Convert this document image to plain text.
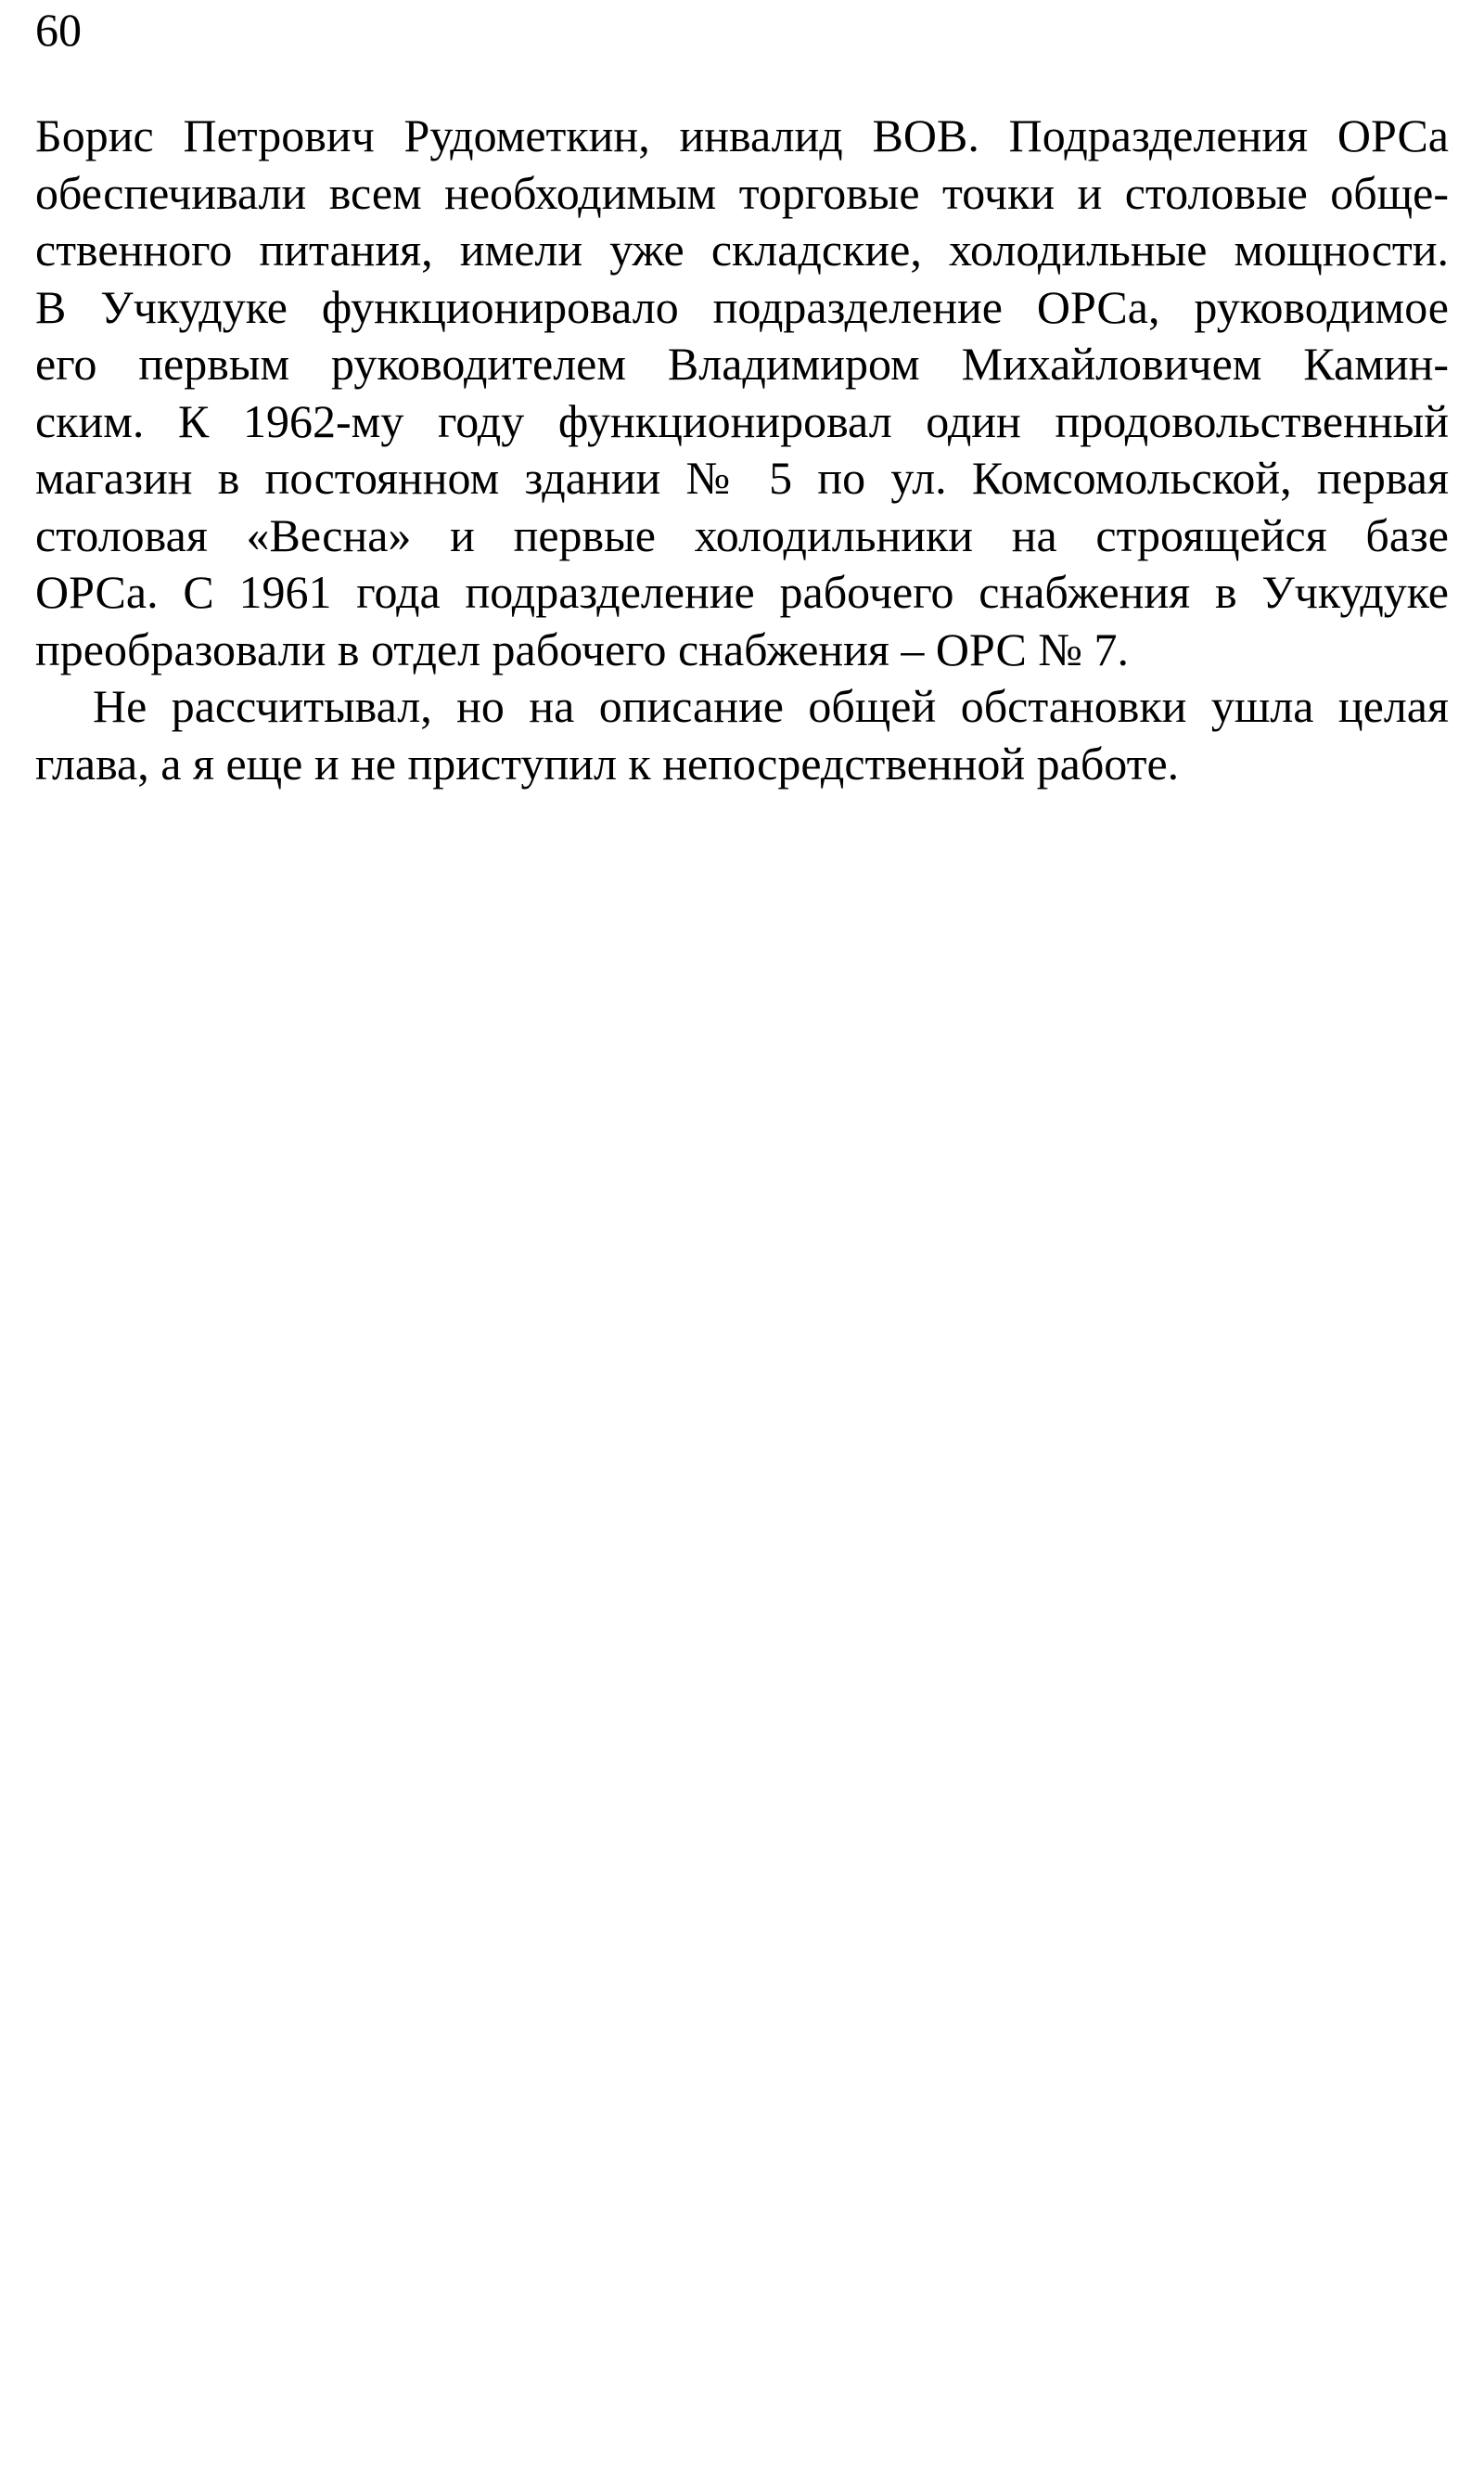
60

Борис Петрович Рудометкин, инвалид ВОВ. Подразделения ОРСа
обеспечивали всем необходимым торговые точки и столовые обще-
ственного питания, имели уже складские, холодильные мощности.
В Учкудуке функционировало подразделение ОРСа, руководимое
его первым руководителем Владимиром Михайловичем Камин-
ским. К 1962-му году функционировал один продовольственный
магазин в постоянном здании № 5 по ул. Комсомольской, первая
столовая «Весна» и первые холодильники на строящейся базе
ОРСа. С 1961 года подразделение рабочего снабжения в Учкудуке
преобразовали в отдел рабочего снабжения – ОРС № 7.
Не рассчитывал, но на описание общей обстановки ушла целая
глава, а я еще и не приступил к непосредственной работе.
